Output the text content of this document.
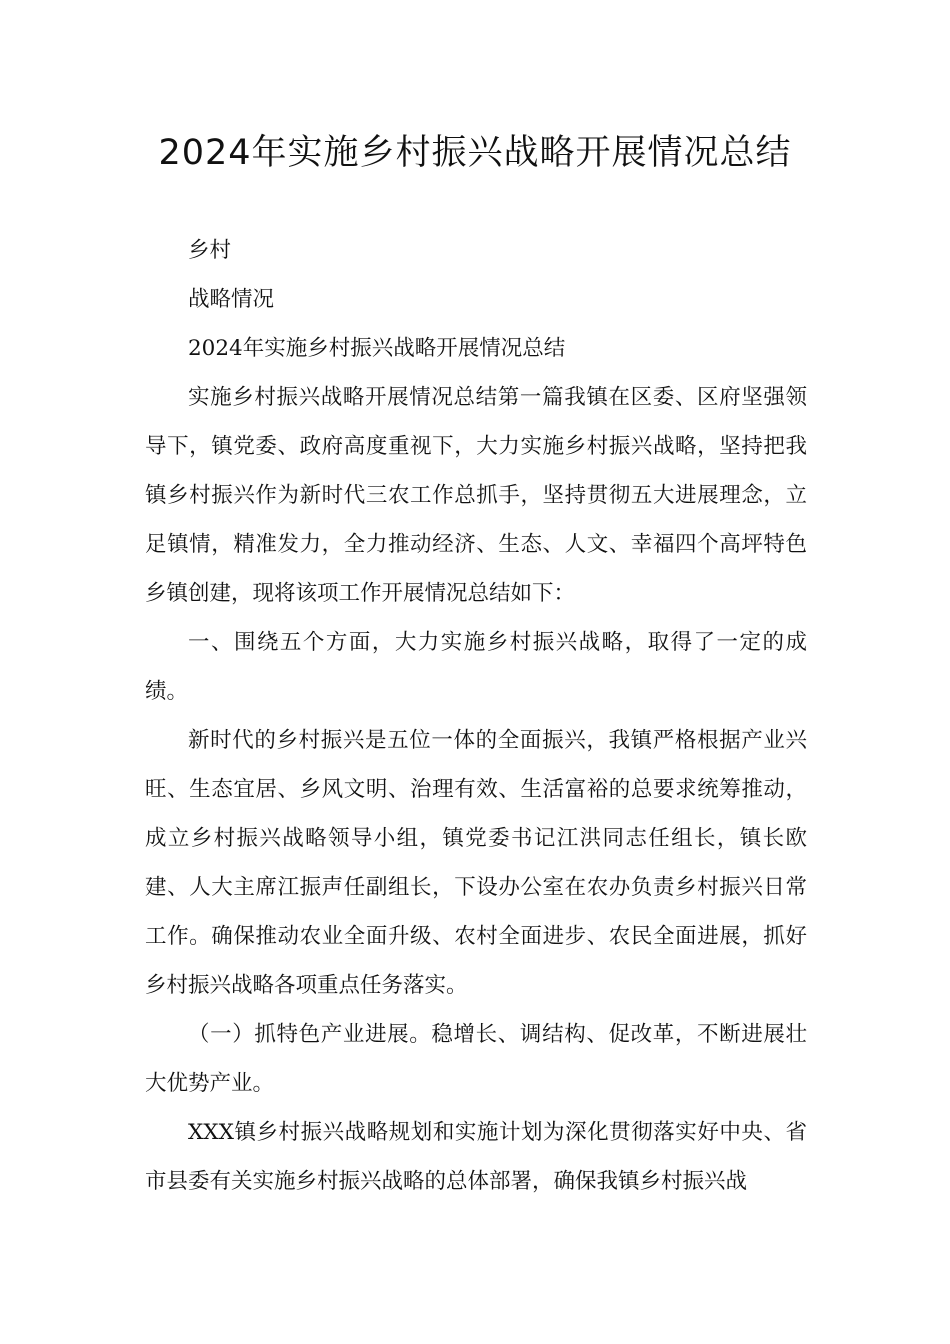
2024年实施乡村振兴战略开展情况总结

乡村

战略情况

2024年实施乡村振兴战略开展情况总结

实施乡村振兴战略开展情况总结第一篇我镇在区委、区府坚强领导下，镇党委、政府高度重视下，大力实施乡村振兴战略，坚持把我镇乡村振兴作为新时代三农工作总抓手，坚持贯彻五大进展理念，立足镇情，精准发力，全力推动经济、生态、人文、幸福四个高坪特色乡镇创建，现将该项工作开展情况总结如下：

一、围绕五个方面，大力实施乡村振兴战略，取得了一定的成绩。

新时代的乡村振兴是五位一体的全面振兴，我镇严格根据产业兴旺、生态宜居、乡风文明、治理有效、生活富裕的总要求统筹推动，成立乡村振兴战略领导小组，镇党委书记江洪同志任组长，镇长欧建、人大主席江振声任副组长，下设办公室在农办负责乡村振兴日常工作。确保推动农业全面升级、农村全面进步、农民全面进展，抓好乡村振兴战略各项重点任务落实。

（一）抓特色产业进展。稳增长、调结构、促改革，不断进展壮大优势产业。

XXX镇乡村振兴战略规划和实施计划为深化贯彻落实好中央、省市县委有关实施乡村振兴战略的总体部署，确保我镇乡村振兴战
